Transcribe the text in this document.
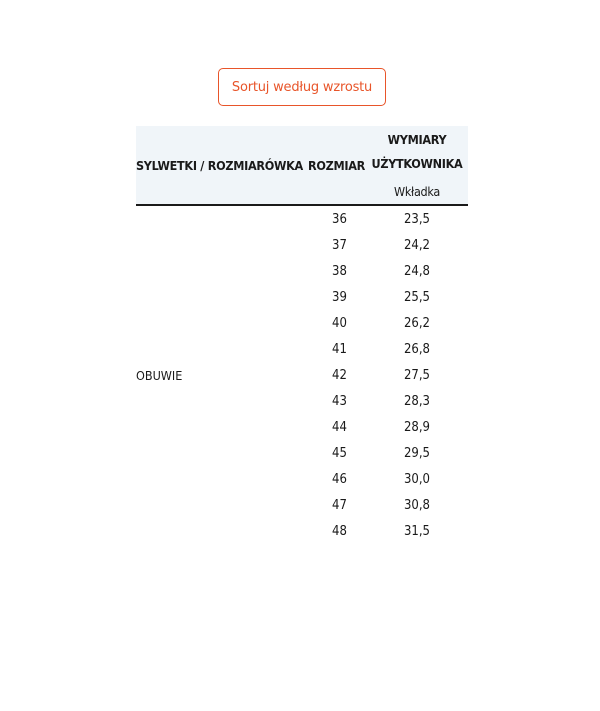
Sortuj według wzrostu
SYLWETKI / ROZMIARÓWKA	ROZMIAR	WYMIARY
UŻYTKOWNIKA

		Wkładka

OBUWIE	36	23,5
	37	24,2
	38	24,8
	39	25,5
	40	26,2
	41	26,8
	42	27,5
	43	28,3
	44	28,9
	45	29,5
	46	30,0
	47	30,8
	48	31,5
